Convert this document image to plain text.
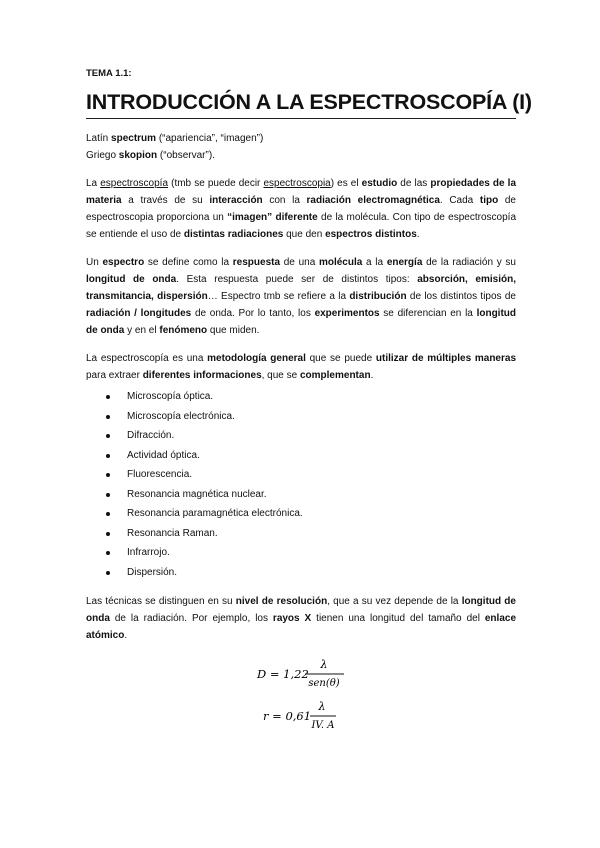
TEMA 1.1:
INTRODUCCIÓN A LA ESPECTROSCOPÍA (I)
Latín spectrum (“apariencia”, “imagen”)
Griego skopion (“observar”).

La espectroscopía (tmb se puede decir espectroscopia) es el estudio de las propiedades de la materia a través de su interacción con la radiación electromagnética. Cada tipo de espectroscopia proporciona un “imagen” diferente de la molécula. Con tipo de espectroscopía se entiende el uso de distintas radiaciones que den espectros distintos.

Un espectro se define como la respuesta de una molécula a la energía de la radiación y su longitud de onda. Esta respuesta puede ser de distintos tipos: absorción, emisión, transmitancia, dispersión… Espectro tmb se refiere a la distribución de los distintos tipos de radiación / longitudes de onda. Por lo tanto, los experimentos se diferencian en la longitud de onda y en el fenómeno que miden.

La espectroscopía es una metodología general que se puede utilizar de múltiples maneras para extraer diferentes informaciones, que se complementan.

Microscopía óptica.
Microscopía electrónica.
Difracción.
Actividad óptica.
Fluorescencia.
Resonancia magnética nuclear.
Resonancia paramagnética electrónica.
Resonancia Raman.
Infrarrojo.
Dispersión.

Las técnicas se distinguen en su nivel de resolución, que a su vez depende de la longitud de onda de la radiación. Por ejemplo, los rayos X tienen una longitud del tamaño del enlace atómico.

D = 1,22
λ
sen(θ)
r = 0,61
λ
IV. A
